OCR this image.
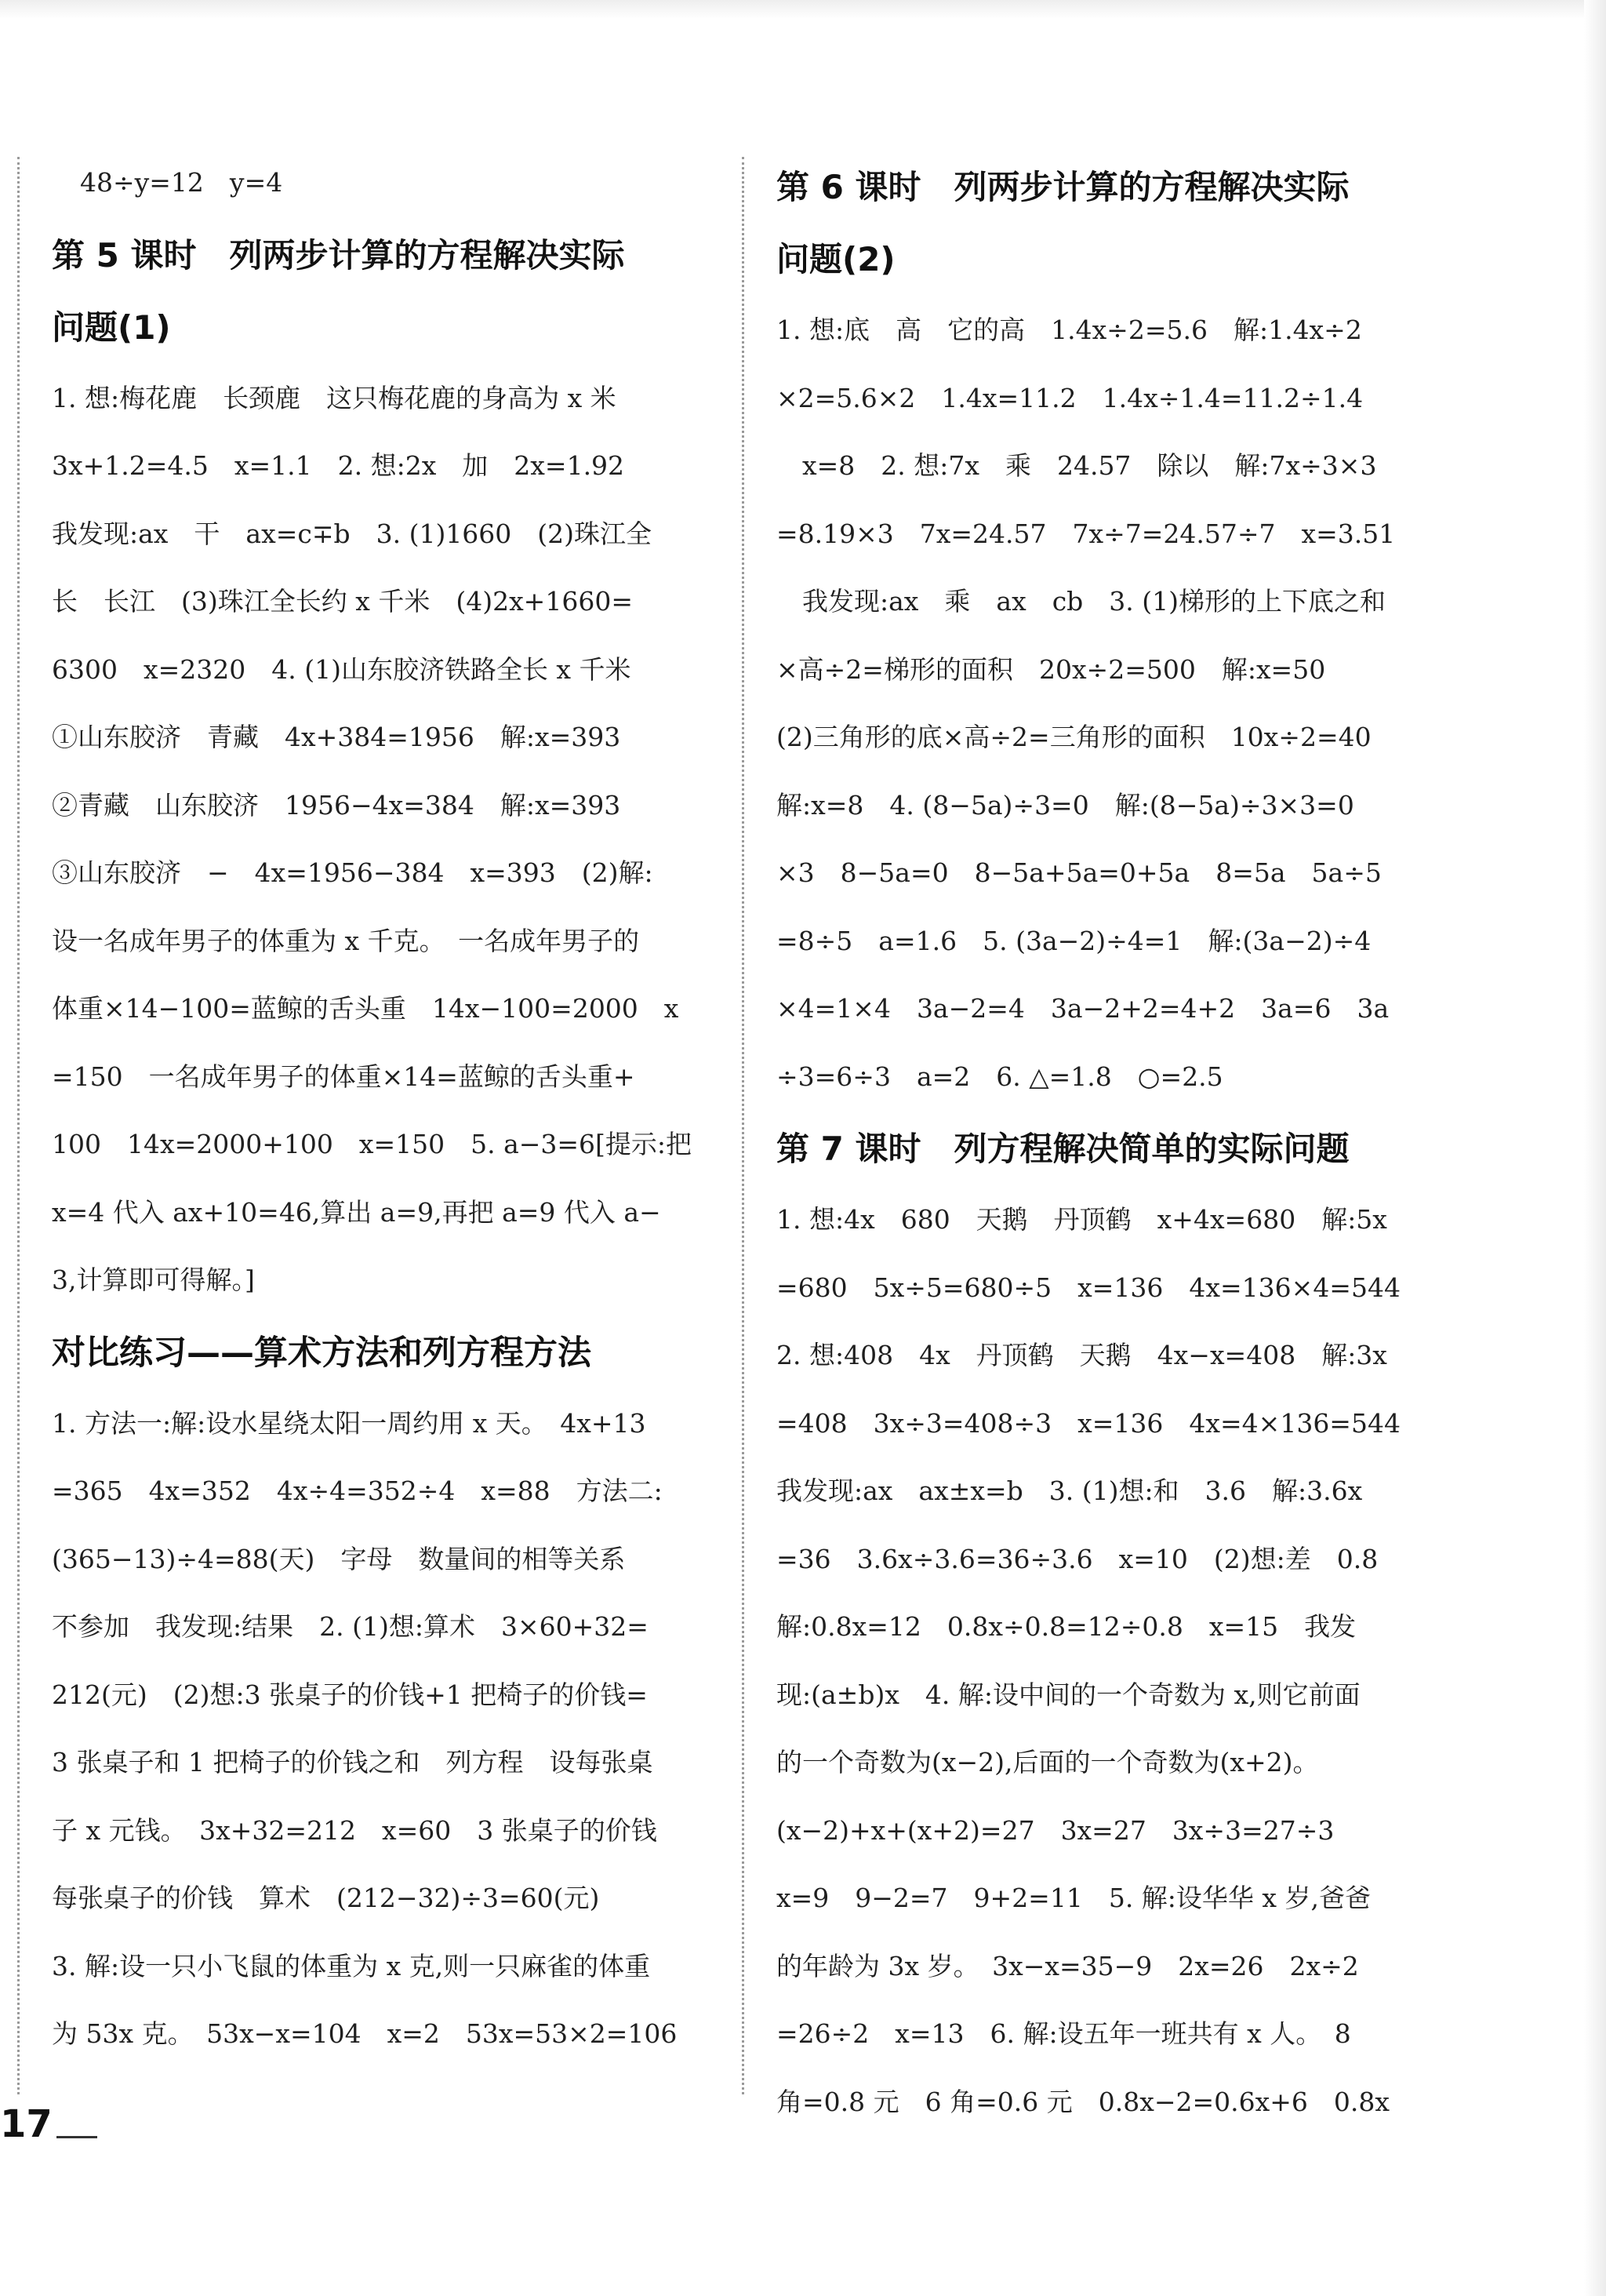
48÷y=12　y=4
第 5 课时　列两步计算的方程解决实际
问题(1)
1. 想:梅花鹿　长颈鹿　这只梅花鹿的身高为 x 米
3x+1.2=4.5　x=1.1　2. 想:2x　加　2x=1.92
我发现:ax　干　ax=c∓b　3. (1)1660　(2)珠江全
长　长江　(3)珠江全长约 x 千米　(4)2x+1660=
6300　x=2320　4. (1)山东胶济铁路全长 x 千米
①山东胶济　青藏　4x+384=1956　解:x=393
②青藏　山东胶济　1956−4x=384　解:x=393
③山东胶济　−　4x=1956−384　x=393　(2)解:
设一名成年男子的体重为 x 千克。　一名成年男子的
体重×14−100=蓝鲸的舌头重　14x−100=2000　x
=150　一名成年男子的体重×14=蓝鲸的舌头重+
100　14x=2000+100　x=150　5. a−3=6[提示:把
x=4 代入 ax+10=46,算出 a=9,再把 a=9 代入 a−
3,计算即可得解。]
对比练习——算术方法和列方程方法
1. 方法一:解:设水星绕太阳一周约用 x 天。　4x+13
=365　4x=352　4x÷4=352÷4　x=88　方法二:
(365−13)÷4=88(天)　字母　数量间的相等关系
不参加　我发现:结果　2. (1)想:算术　3×60+32=
212(元)　(2)想:3 张桌子的价钱+1 把椅子的价钱=
3 张桌子和 1 把椅子的价钱之和　列方程　设每张桌
子 x 元钱。　3x+32=212　x=60　3 张桌子的价钱
每张桌子的价钱　算术　(212−32)÷3=60(元)
3. 解:设一只小飞鼠的体重为 x 克,则一只麻雀的体重
为 53x 克。　53x−x=104　x=2　53x=53×2=106
第 6 课时　列两步计算的方程解决实际
问题(2)
1. 想:底　高　它的高　1.4x÷2=5.6　解:1.4x÷2
×2=5.6×2　1.4x=11.2　1.4x÷1.4=11.2÷1.4
　x=8　2. 想:7x　乘　24.57　除以　解:7x÷3×3
=8.19×3　7x=24.57　7x÷7=24.57÷7　x=3.51
　我发现:ax　乘　ax　cb　3. (1)梯形的上下底之和
×高÷2=梯形的面积　20x÷2=500　解:x=50
(2)三角形的底×高÷2=三角形的面积　10x÷2=40
解:x=8　4. (8−5a)÷3=0　解:(8−5a)÷3×3=0
×3　8−5a=0　8−5a+5a=0+5a　8=5a　5a÷5
=8÷5　a=1.6　5. (3a−2)÷4=1　解:(3a−2)÷4
×4=1×4　3a−2=4　3a−2+2=4+2　3a=6　3a
÷3=6÷3　a=2　6. △=1.8　○=2.5
第 7 课时　列方程解决简单的实际问题
1. 想:4x　680　天鹅　丹顶鹤　x+4x=680　解:5x
=680　5x÷5=680÷5　x=136　4x=136×4=544
2. 想:408　4x　丹顶鹤　天鹅　4x−x=408　解:3x
=408　3x÷3=408÷3　x=136　4x=4×136=544
我发现:ax　ax±x=b　3. (1)想:和　3.6　解:3.6x
=36　3.6x÷3.6=36÷3.6　x=10　(2)想:差　0.8
解:0.8x=12　0.8x÷0.8=12÷0.8　x=15　我发
现:(a±b)x　4. 解:设中间的一个奇数为 x,则它前面
的一个奇数为(x−2),后面的一个奇数为(x+2)。
(x−2)+x+(x+2)=27　3x=27　3x÷3=27÷3
x=9　9−2=7　9+2=11　5. 解:设华华 x 岁,爸爸
的年龄为 3x 岁。　3x−x=35−9　2x=26　2x÷2
=26÷2　x=13　6. 解:设五年一班共有 x 人。　8
角=0.8 元　6 角=0.6 元　0.8x−2=0.6x+6　0.8x
17
